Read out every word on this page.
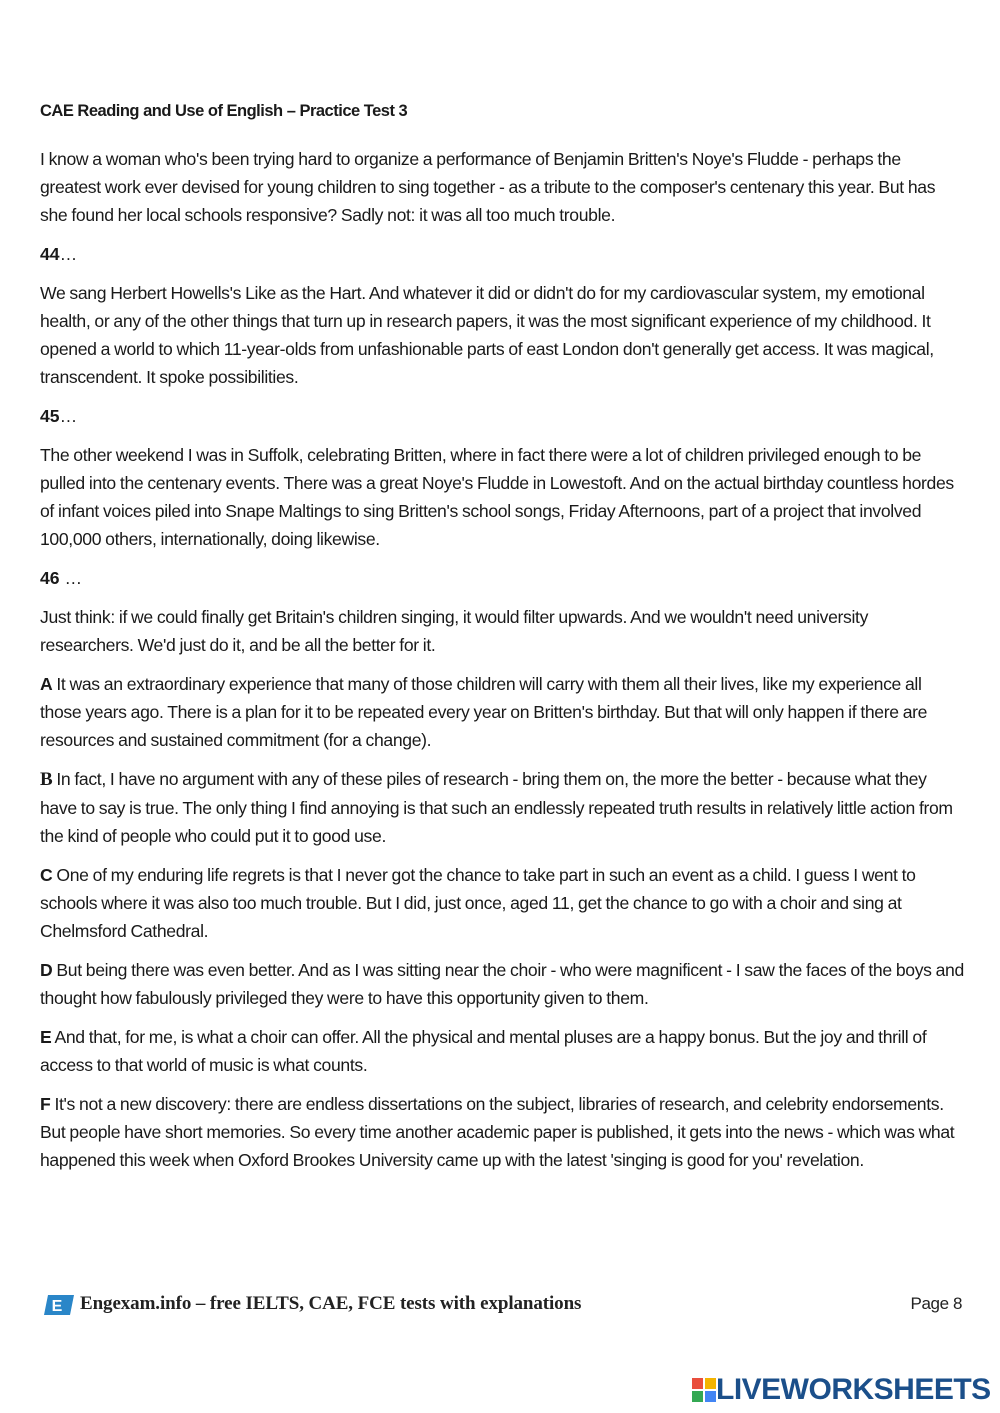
CAE Reading and Use of English – Practice Test 3

I know a woman who's been trying hard to organize a performance of Benjamin Britten's Noye's Fludde - perhaps the greatest work ever devised for young children to sing together - as a tribute to the composer's centenary this year. But has she found her local schools responsive? Sadly not: it was all too much trouble.

44…

We sang Herbert Howells's Like as the Hart. And whatever it did or didn't do for my cardiovascular system, my emotional health, or any of the other things that turn up in research papers, it was the most significant experience of my childhood. It opened a world to which 11-year-olds from unfashionable parts of east London don't generally get access. It was magical, transcendent. It spoke possibilities.

45…

The other weekend I was in Suffolk, celebrating Britten, where in fact there were a lot of children privileged enough to be pulled into the centenary events. There was a great Noye's Fludde in Lowestoft. And on the actual birthday countless hordes of infant voices piled into Snape Maltings to sing Britten's school songs, Friday Afternoons, part of a project that involved 100,000 others, internationally, doing likewise.

46 …

Just think: if we could finally get Britain's children singing, it would filter upwards. And we wouldn't need university researchers. We'd just do it, and be all the better for it.

A It was an extraordinary experience that many of those children will carry with them all their lives, like my experience all those years ago. There is a plan for it to be repeated every year on Britten's birthday. But that will only happen if there are resources and sustained commitment (for a change).

B In fact, I have no argument with any of these piles of research - bring them on, the more the better - because what they have to say is true. The only thing I find annoying is that such an endlessly repeated truth results in relatively little action from the kind of people who could put it to good use.

C One of my enduring life regrets is that I never got the chance to take part in such an event as a child. I guess I went to schools where it was also too much trouble. But I did, just once, aged 11, get the chance to go with a choir and sing at Chelmsford Cathedral.

D But being there was even better. And as I was sitting near the choir - who were magnificent - I saw the faces of the boys and thought how fabulously privileged they were to have this opportunity given to them.

E And that, for me, is what a choir can offer. All the physical and mental pluses are a happy bonus. But the joy and thrill of access to that world of music is what counts.

F It's not a new discovery: there are endless dissertations on the subject, libraries of research, and celebrity endorsements. But people have short memories. So every time another academic paper is published, it gets into the news - which was what happened this week when Oxford Brookes University came up with the latest 'singing is good for you' revelation.

E Engexam.info – free IELTS, CAE, FCE tests with explanations	Page 8
LIVEWORKSHEETS
